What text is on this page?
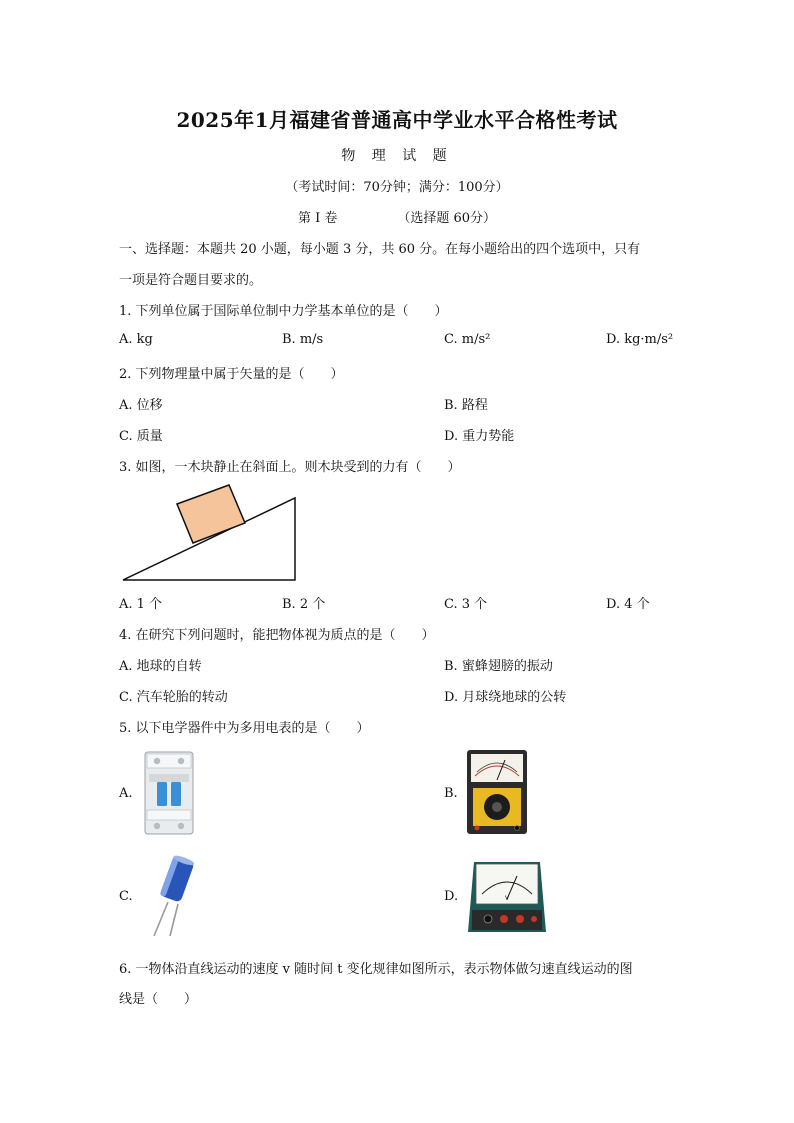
2025年1月福建省普通高中学业水平合格性考试
物 理 试 题
（考试时间：70分钟；满分：100分）
第 I 卷	（选择题 60分）
一、选择题：本题共 20 小题，每小题 3 分，共 60 分。在每小题给出的四个选项中，只有
一项是符合题目要求的。
1. 下列单位属于国际单位制中力学基本单位的是（　　）
A. kg	B. m/s	C. m/s²	D. kg·m/s²
2. 下列物理量中属于矢量的是（　　）
A. 位移	B. 路程
C. 质量	D. 重力势能
3. 如图，一木块静止在斜面上。则木块受到的力有（　　）
A. 1 个	B. 2 个	C. 3 个	D. 4 个
4. 在研究下列问题时，能把物体视为质点的是（　　）
A. 地球的自转	B. 蜜蜂翅膀的振动
C. 汽车轮胎的转动	D. 月球绕地球的公转
5. 以下电学器件中为多用电表的是（　　）
A.	B.
C.	D.	V
6. 一物体沿直线运动的速度 v 随时间 t 变化规律如图所示，表示物体做匀速直线运动的图
线是（　　）
